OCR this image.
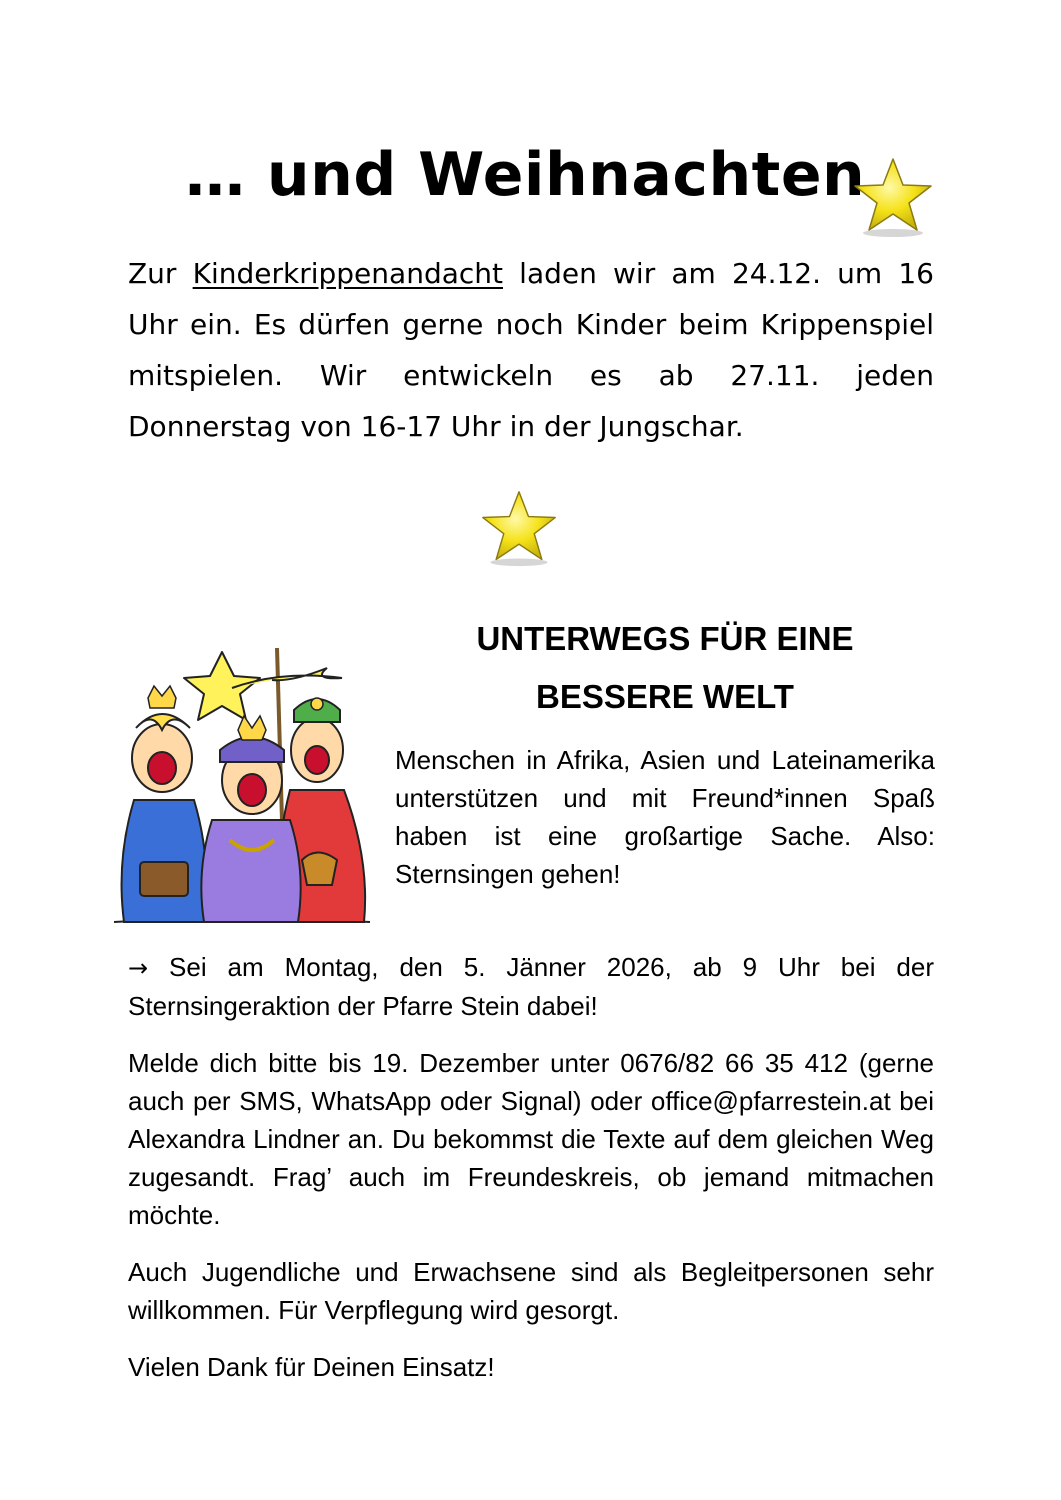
… und Weihnachten

Zur Kinderkrippenandacht laden wir am 24.12. um 16 Uhr ein. Es dürfen gerne noch Kinder beim Krippenspiel mitspielen. Wir entwickeln es ab 27.11. jeden Donnerstag von 16-17 Uhr in der Jungschar.

UNTERWEGS FÜR EINE
BESSERE WELT

Menschen in Afrika, Asien und Lateinamerika unterstützen und mit Freund*innen Spaß haben ist eine großartige Sache. Also: Sternsingen gehen!

→ Sei am Montag, den 5. Jänner 2026, ab 9 Uhr bei der Sternsingeraktion der Pfarre Stein dabei!

Melde dich bitte bis 19. Dezember unter 0676/82 66 35 412 (gerne auch per SMS, WhatsApp oder Signal) oder office@pfarrestein.at bei Alexandra Lindner an. Du bekommst die Texte auf dem gleichen Weg zugesandt. Frag’ auch im Freundeskreis, ob jemand mitmachen möchte.

Auch Jugendliche und Erwachsene sind als Begleitpersonen sehr willkommen. Für Verpflegung wird gesorgt.

Vielen Dank für Deinen Einsatz!
